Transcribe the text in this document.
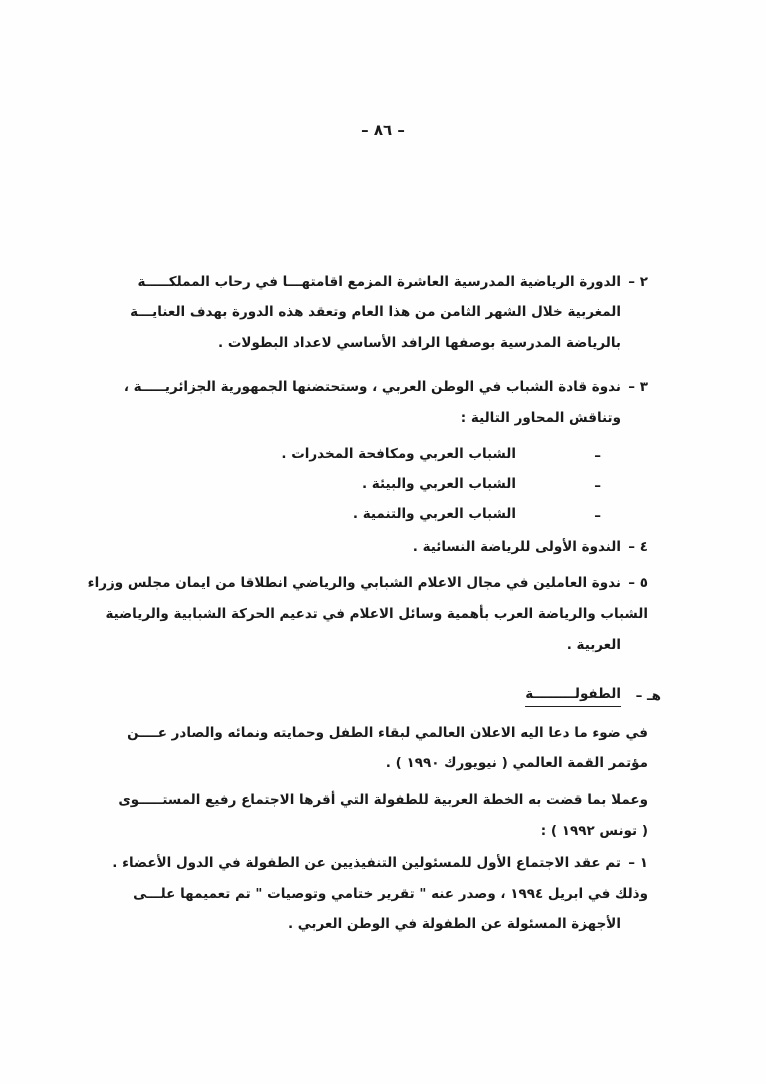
– ٨٦ –
٢ –
الدورة الرياضية المدرسية العاشرة المزمع اقامتهـــا في رحاب المملكـــــة
المغربية خلال الشهر الثامن من هذا العام وتعقد هذه الدورة بهدف العنايـــة
بالرياضة المدرسية بوصفها الرافد الأساسي لاعداد البطولات .
٣ –
ندوة قادة الشباب في الوطن العربي ، وستحتضنها الجمهورية الجزائريـــــة ،
وتناقش المحاور التالية :
–
الشباب العربي ومكافحة المخدرات .
–
الشباب العربي والبيئة .
–
الشباب العربي والتنمية .
٤ –
الندوة الأولى للرياضة النسائية .
٥ –
ندوة العاملين في مجال الاعلام الشبابي والرياضي انطلاقا من ايمان مجلس وزراء
الشباب والرياضة العرب بأهمية وسائل الاعلام في تدعيم الحركة الشبابية والرياضية
العربية .
هـ –
الطفولـــــــــة
في ضوء ما دعا اليه الاعلان العالمي لبقاء الطفل وحمايته ونمائه والصادر عــــن
مؤتمر القمة العالمي ( نيويورك ١٩٩٠ ) .
وعملا بما قضت به الخطة العربية للطفولة التي أقرها الاجتماع رفيع المستـــــوى
( تونس ١٩٩٢ ) :
١ –
تم عقد الاجتماع الأول للمسئولين التنفيذيين عن الطفولة في الدول الأعضاء .
وذلك في ابريل ١٩٩٤ ، وصدر عنه " تقرير ختامي وتوصيات " تم تعميمها علـــى
الأجهزة المسئولة عن الطفولة في الوطن العربي .
